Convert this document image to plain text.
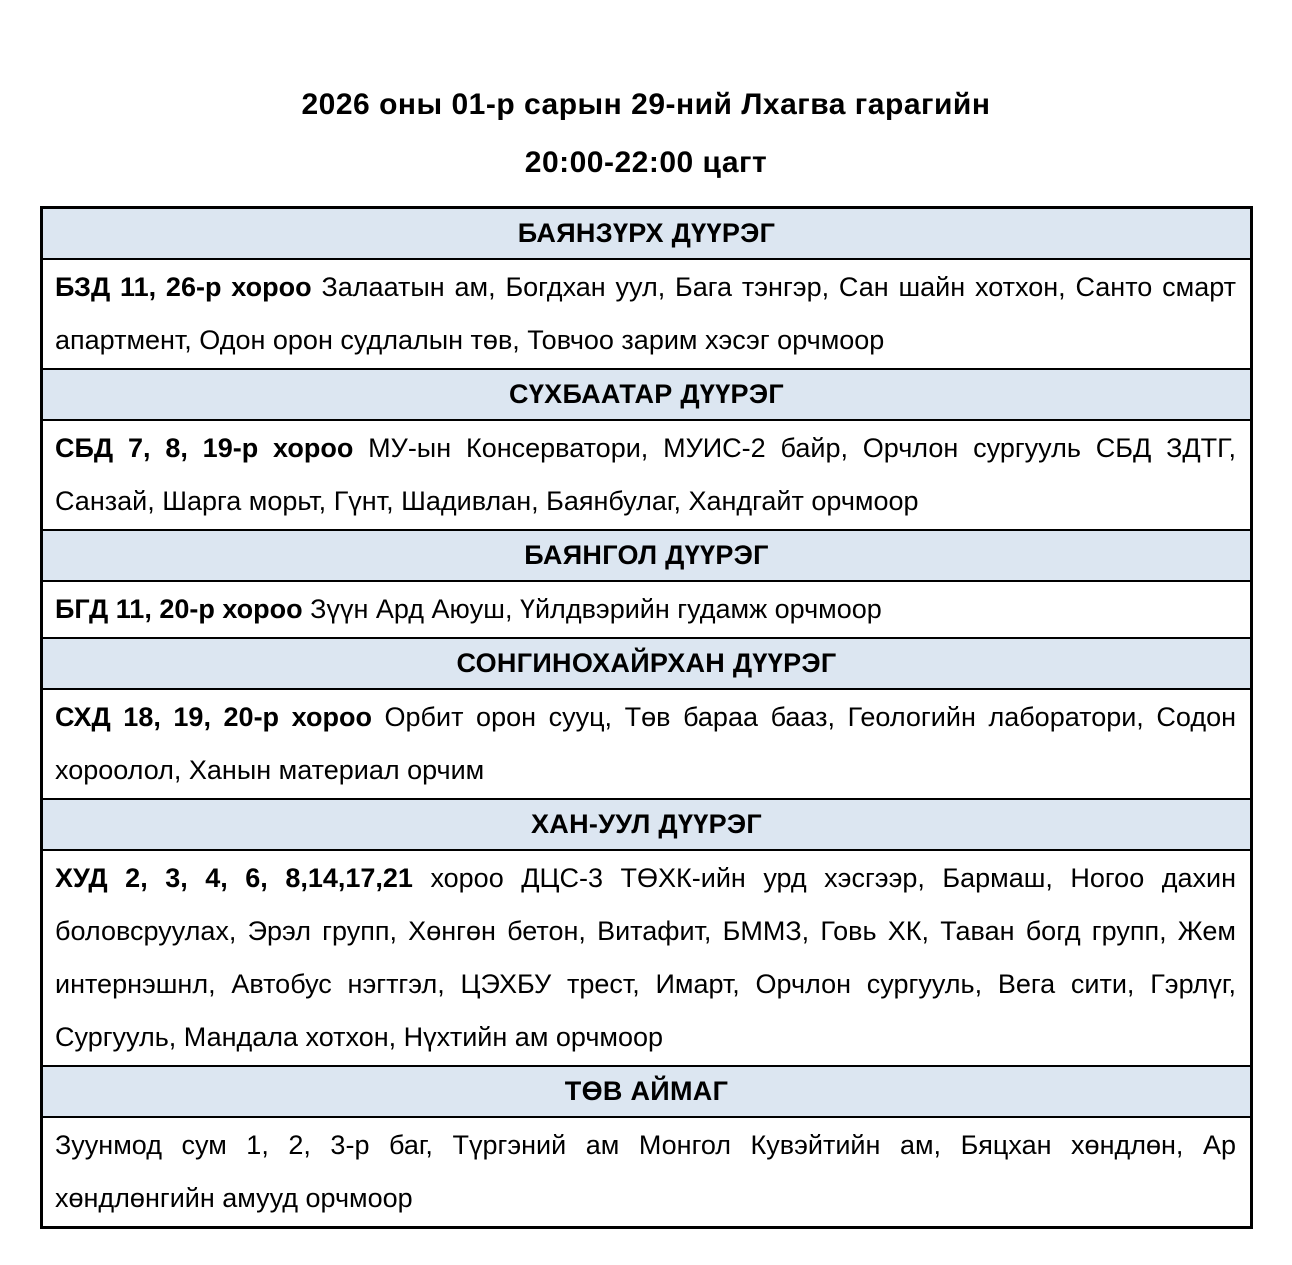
2026 оны 01-р сарын 29-ний Лхагва гарагийн
20:00-22:00 цагт
БАЯНЗҮРХ ДҮҮРЭГ
БЗД 11, 26-р хороо Залаатын ам, Богдхан уул, Бага тэнгэр, Сан шайн хотхон, Санто смарт апартмент, Одон орон судлалын төв, Товчоо зарим хэсэг орчмоор
СҮХБААТАР ДҮҮРЭГ
СБД 7, 8, 19-р хороо МУ-ын Консерватори, МУИС-2 байр, Орчлон сургууль СБД ЗДТГ, Санзай, Шарга морьт, Гүнт, Шадивлан, Баянбулаг, Хандгайт орчмоор
БАЯНГОЛ ДҮҮРЭГ
БГД 11, 20-р хороо Зүүн Ард Аюуш, Үйлдвэрийн гудамж орчмоор
СОНГИНОХАЙРХАН ДҮҮРЭГ
СХД 18, 19, 20-р хороо Орбит орон сууц, Төв бараа бааз, Геологийн лаборатори, Содон хороолол, Ханын материал орчим
ХАН-УУЛ ДҮҮРЭГ
ХУД 2, 3, 4, 6, 8,14,17,21 хороо ДЦС-3 ТӨХК-ийн урд хэсгээр, Бармаш, Ногоо дахин боловсруулах, Эрэл групп, Хөнгөн бетон, Витафит, БММЗ, Говь ХК, Таван богд групп, Жем интернэшнл, Автобус нэгтгэл, ЦЭХБУ трест, Имарт, Орчлон сургууль, Вега сити, Гэрлүг, Сургууль, Мандала хотхон, Нүхтийн ам орчмоор
ТӨВ АЙМАГ
Зуунмод сум 1, 2, 3-р баг, Түргэний ам Монгол Кувэйтийн ам, Бяцхан хөндлөн, Ар хөндлөнгийн амууд орчмоор
